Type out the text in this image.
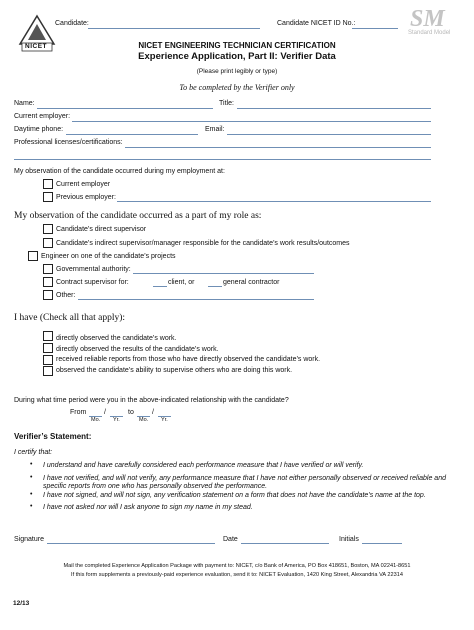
NICET
Candidate:	Candidate NICET ID No.: SM
Standard Model
NICET ENGINEERING TECHNICIAN CERTIFICATION
Experience Application, Part II: Verifier Data
(Please print legibly or type)
To be completed by the Verifier only
Name:	Title:
Current employer:
Daytime phone:	Email:
Professional licenses/certifications:
My observation of the candidate occurred during my employment at:
Current employer
Previous employer:
My observation of the candidate occurred as a part of my role as:
Candidate’s direct supervisor
Candidate’s indirect supervisor/manager responsible for the candidate’s work results/outcomes
Engineer on one of the candidate’s projects
Governmental authority:
Contract supervisor for:	client, or	general contractor
Other:
I have (Check all that apply):
directly observed the candidate’s work.
directly observed the results of the candidate’s work.
received reliable reports from those who have directly observed the candidate’s work.
observed the candidate’s ability to supervise others who are doing this work.
During what time period were you in the above-indicated relationship with the candidate?
From	/	to	/
Mo. Yr.	Mo. Yr.
Verifier’s Statement:
I certify that:
• I understand and have carefully considered each performance measure that I have verified or will verify.
• I have not verified, and will not verify, any performance measure that I have not either personally observed or received reliable and
specific reports from one who has personally observed the performance.
• I have not signed, and will not sign, any verification statement on a form that does not have the candidate’s name at the top.
• I have not asked nor will I ask anyone to sign my name in my stead.
Signature	Date	Initials
Mail the completed Experience Application Package with payment to: NICET, c/o Bank of America, PO Box 418651, Boston, MA 02241-8651
If this form supplements a previously-paid experience evaluation, send it to: NICET Evaluation, 1420 King Street, Alexandria VA 22314
12/13
